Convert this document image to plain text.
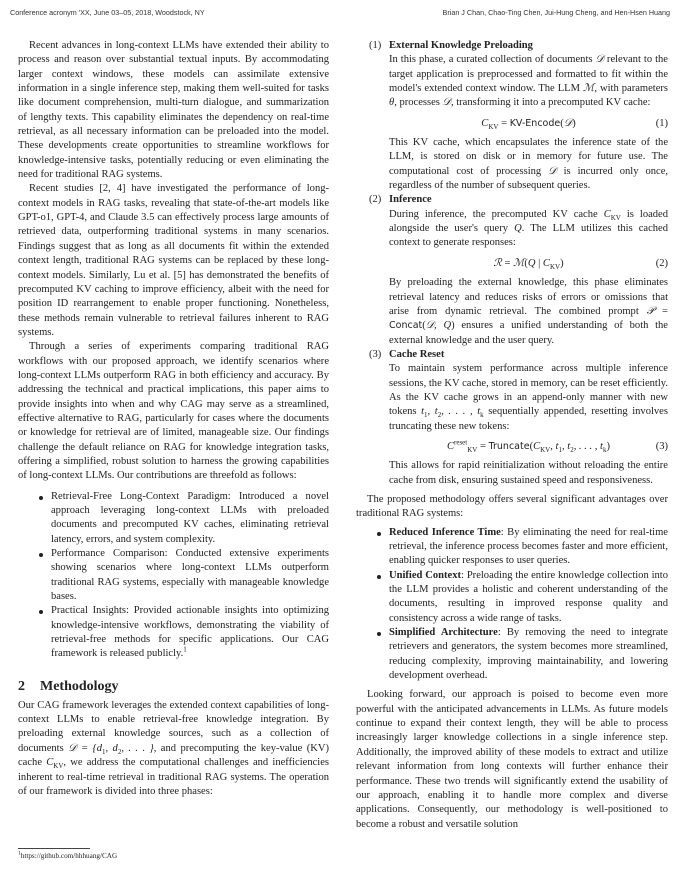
Conference acronym 'XX, June 03–05, 2018, Woodstock, NY	Brian J Chan, Chao-Ting Chen, Jui-Hung Cheng, and Hen-Hsen Huang

Recent advances in long-context LLMs have extended their ability to process and reason over substantial textual inputs. By accommodating larger context windows, these models can assimilate extensive information in a single inference step, making them well-suited for tasks like document comprehension, multi-turn dialogue, and summarization of lengthy texts. This capability eliminates the dependency on real-time retrieval, as all necessary information can be preloaded into the model. These developments create opportunities to streamline workflows for knowledge-intensive tasks, potentially reducing or even eliminating the need for traditional RAG systems.

Recent studies [2, 4] have investigated the performance of long-context models in RAG tasks, revealing that state-of-the-art models like GPT-o1, GPT-4, and Claude 3.5 can effectively process large amounts of retrieved data, outperforming traditional systems in many scenarios. Findings suggest that as long as all documents fit within the extended context length, traditional RAG systems can be replaced by these long-context models. Similarly, Lu et al. [5] has demonstrated the benefits of precomputed KV caching to improve efficiency, albeit with the need for position ID rearrangement to enable proper functioning. Nonetheless, these methods remain vulnerable to retrieval failures inherent to RAG systems.

Through a series of experiments comparing traditional RAG workflows with our proposed approach, we identify scenarios where long-context LLMs outperform RAG in both efficiency and accuracy. By addressing the technical and practical implications, this paper aims to provide insights into when and why CAG may serve as a streamlined, effective alternative to RAG, particularly for cases where the documents or knowledge for retrieval are of limited, manageable size. Our findings challenge the default reliance on RAG for knowledge integration tasks, offering a simplified, robust solution to harness the growing capabilities of long-context LLMs. Our contributions are threefold as follows:

Retrieval-Free Long-Context Paradigm: Introduced a novel approach leveraging long-context LLMs with preloaded documents and precomputed KV caches, eliminating retrieval latency, errors, and system complexity.
Performance Comparison: Conducted extensive experiments showing scenarios where long-context LLMs outperform traditional RAG systems, especially with manageable knowledge bases.
Practical Insights: Provided actionable insights into optimizing knowledge-intensive workflows, demonstrating the viability of retrieval-free methods for specific applications. Our CAG framework is released publicly.$^1$
2 Methodology

Our CAG framework leverages the extended context capabilities of long-context LLMs to enable retrieval-free knowledge integration. By preloading external knowledge sources, such as a collection of documents 𝒟 = {$d_1$, $d_2$, . . . }, and precomputing the key-value (KV) cache $C_{KV}$, we address the computational challenges and inefficiencies inherent to real-time retrieval in traditional RAG systems. The operation of our framework is divided into three phases:

$^1$https://github.com/hhhuang/CAG
(1) External Knowledge Preloading
In this phase, a curated collection of documents 𝒟 relevant to the target application is preprocessed and formatted to fit within the model's extended context window. The LLM ℳ, with parameters θ, processes 𝒟, transforming it into a precomputed KV cache:
$C_{KV}$ = KV-Encode(𝒟)	(1)
This KV cache, which encapsulates the inference state of the LLM, is stored on disk or in memory for future use. The computational cost of processing 𝒟 is incurred only once, regardless of the number of subsequent queries.
(2) Inference
During inference, the precomputed KV cache $C_{KV}$ is loaded alongside the user's query Q. The LLM utilizes this cached context to generate responses:
ℛ = ℳ(Q | $C_{KV}$)	(2)
By preloading the external knowledge, this phase eliminates retrieval latency and reduces risks of errors or omissions that arise from dynamic retrieval. The combined prompt 𝒫 = Concat(𝒟, Q) ensures a unified understanding of both the external knowledge and the user query.
(3) Cache Reset
To maintain system performance across multiple inference sessions, the KV cache, stored in memory, can be reset efficiently. As the KV cache grows in an append-only manner with new tokens $t_1$, $t_2$, . . . , $t_k$ sequentially appended, resetting involves truncating these new tokens:
$C^{reset}_{KV}$ = $Truncate(C_{KV}$, $t_1$, $t_2$, . . . , $t_k$)	(3)
This allows for rapid reinitialization without reloading the entire cache from disk, ensuring sustained speed and responsiveness.

The proposed methodology offers several significant advantages over traditional RAG systems:

Reduced Inference Time: By eliminating the need for real-time retrieval, the inference process becomes faster and more efficient, enabling quicker responses to user queries.
Unified Context: Preloading the entire knowledge collection into the LLM provides a holistic and coherent understanding of the documents, resulting in improved response quality and consistency across a wide range of tasks.
Simplified Architecture: By removing the need to integrate retrievers and generators, the system becomes more streamlined, reducing complexity, improving maintainability, and lowering development overhead.

Looking forward, our approach is poised to become even more powerful with the anticipated advancements in LLMs. As future models continue to expand their context length, they will be able to process increasingly larger knowledge collections in a single inference step. Additionally, the improved ability of these models to extract and utilize relevant information from long contexts will further enhance their performance. These two trends will significantly extend the usability of our approach, enabling it to handle more complex and diverse applications. Consequently, our methodology is well-positioned to become a robust and versatile solution
